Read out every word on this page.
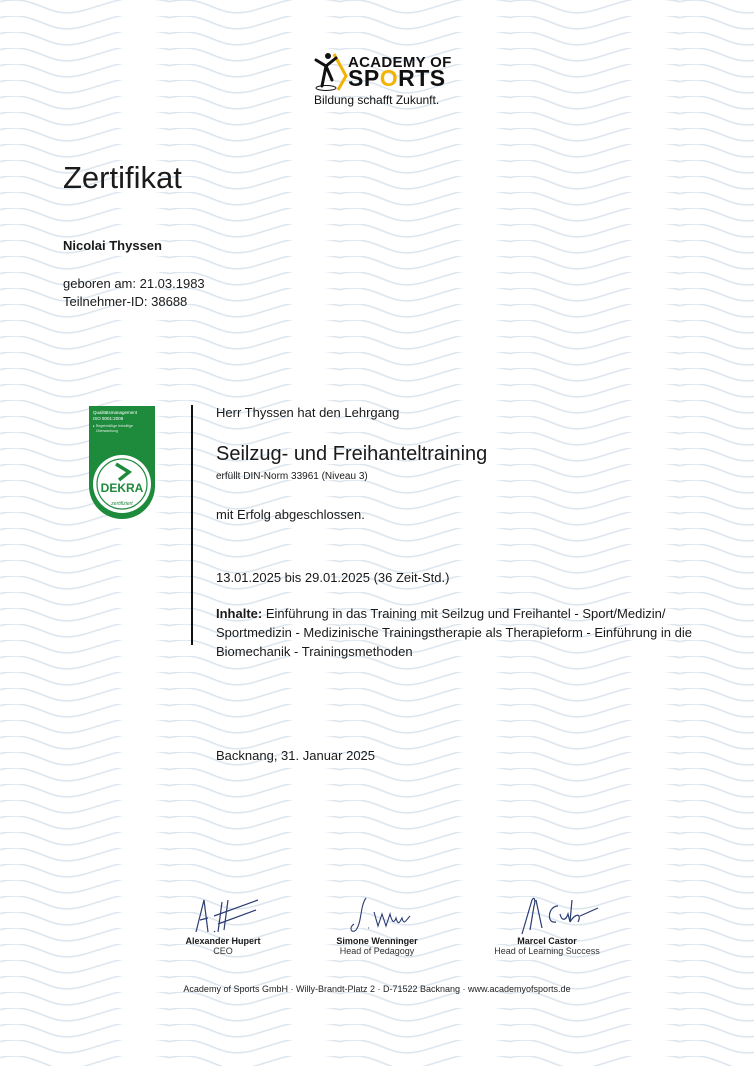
ACADEMY OF
SPORTS
Bildung schafft Zukunft.
Zertifikat
Nicolai Thyssen
geboren am: 21.03.1983
Teilnehmer-ID: 38688
Qualitätsmanagement
ISO 9001:2008
▸ Regelmäßige freiwillige
Überwachung
DEKRA
zertifiziert
Herr Thyssen hat den Lehrgang
Seilzug- und Freihanteltraining
erfüllt DIN-Norm 33961 (Niveau 3)
mit Erfolg abgeschlossen.
13.01.2025 bis 29.01.2025 (36 Zeit-Std.)
Inhalte: Einführung in das Training mit Seilzug und Freihantel - Sport/Medizin/ Sportmedizin - Medizinische Trainingstherapie als Therapieform - Einführung in die Biomechanik - Trainingsmethoden
Backnang, 31. Januar 2025
Alexander Hupert
CEO
Simone Wenninger
Head of Pedagogy
Marcel Castor
Head of Learning Success
Academy of Sports GmbH · Willy-Brandt-Platz 2 · D-71522 Backnang · www.academyofsports.de
